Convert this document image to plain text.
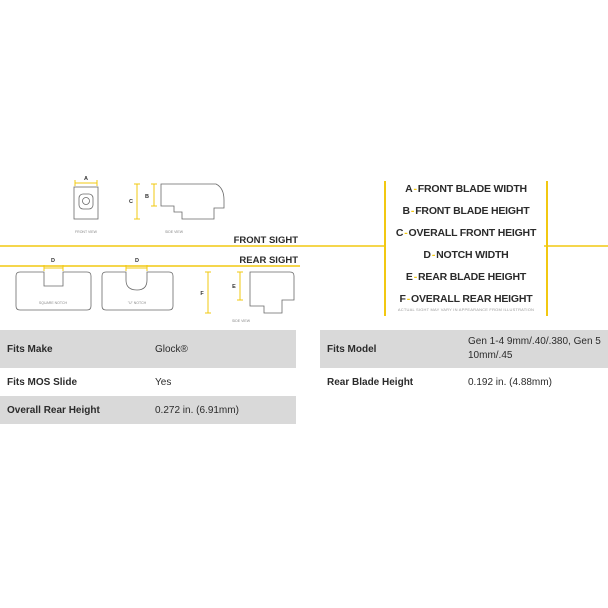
FRONT SIGHT
REAR SIGHT
A
FRONT VIEW
C
B
SIDE VIEW
D
SQUARE NOTCH
D
"U" NOTCH
F
E
SIDE VIEW
A-FRONT BLADE WIDTH
B-FRONT BLADE HEIGHT
C-OVERALL FRONT HEIGHT
D-NOTCH WIDTH
E-REAR BLADE HEIGHT
F-OVERALL REAR HEIGHT
ACTUAL SIGHT MAY VARY IN APPEARANCE FROM ILLUSTRATION
Fits Make	Glock®
Fits MOS Slide	Yes
Overall Rear Height	0.272 in. (6.91mm)
Fits Model	Gen 1-4 9mm/.40/.380, Gen 5 10mm/.45
Rear Blade Height	0.192 in. (4.88mm)
